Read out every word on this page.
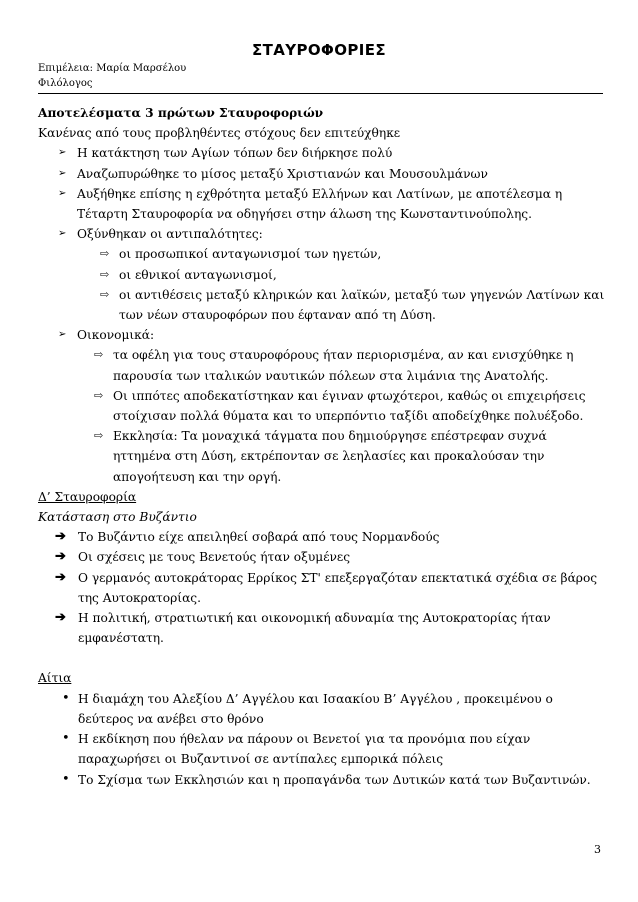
ΣΤΑΥΡΟΦΟΡΙΕΣ
Επιμέλεια: Μαρία Μαρσέλου
Φιλόλογος

Αποτελέσματα 3 πρώτων Σταυροφοριών

Κανένας από τους προβληθέντες στόχους δεν επιτεύχθηκε

➢ Η κατάκτηση των Αγίων τόπων δεν διήρκησε πολύ
➢ Αναζωπυρώθηκε το μίσος μεταξύ Χριστιανών και Μουσουλμάνων
➢ Αυξήθηκε επίσης η εχθρότητα μεταξύ Ελλήνων και Λατίνων, με αποτέλεσμα η Τέταρτη Σταυροφορία να οδηγήσει στην άλωση της Κωνσταντινούπολης.
➢ Οξύνθηκαν οι αντιπαλότητες:
⇨ οι προσωπικοί ανταγωνισμοί των ηγετών,
⇨ οι εθνικοί ανταγωνισμοί,
⇨ οι αντιθέσεις μεταξύ κληρικών και λαϊκών, μεταξύ των γηγενών Λατίνων και των νέων σταυροφόρων που έφταναν από τη Δύση.
➢ Οικονομικά:
⇨ τα οφέλη για τους σταυροφόρους ήταν περιορισμένα, αν και ενισχύθηκε η παρουσία των ιταλικών ναυτικών πόλεων στα λιμάνια της Ανατολής.
⇨ Οι ιππότες αποδεκατίστηκαν και έγιναν φτωχότεροι, καθώς οι επιχειρήσεις στοίχισαν πολλά θύματα και το υπερπόντιο ταξίδι αποδείχθηκε πολυέξοδο.
⇨ Εκκλησία: Τα μοναχικά τάγματα που δημιούργησε επέστρεφαν συχνά ηττημένα στη Δύση, εκτρέπονταν σε λεηλασίες και προκαλούσαν την απογοήτευση και την οργή.

Δ’ Σταυροφορία

Κατάσταση στο Βυζάντιο

➔ Το Βυζάντιο είχε απειληθεί σοβαρά από τους Νορμανδούς
➔ Οι σχέσεις με τους Βενετούς ήταν οξυμένες
➔ Ο γερμανός αυτοκράτορας Ερρίκος ΣΤ' επεξεργαζόταν επεκτατικά σχέδια σε βάρος της Αυτοκρατορίας.
➔ Η πολιτική, στρατιωτική και οικονομική αδυναμία της Αυτοκρατορίας ήταν εμφανέστατη.

Αίτια

• Η διαμάχη του Αλεξίου Δ’ Αγγέλου και Ισαακίου Β’ Αγγέλου , προκειμένου ο δεύτερος να ανέβει στο θρόνο
• Η εκδίκηση που ήθελαν να πάρουν οι Βενετοί για τα προνόμια που είχαν παραχωρήσει οι Βυζαντινοί σε αντίπαλες εμπορικά πόλεις
• Το Σχίσμα των Εκκλησιών και η προπαγάνδα των Δυτικών κατά των Βυζαντινών.
3
